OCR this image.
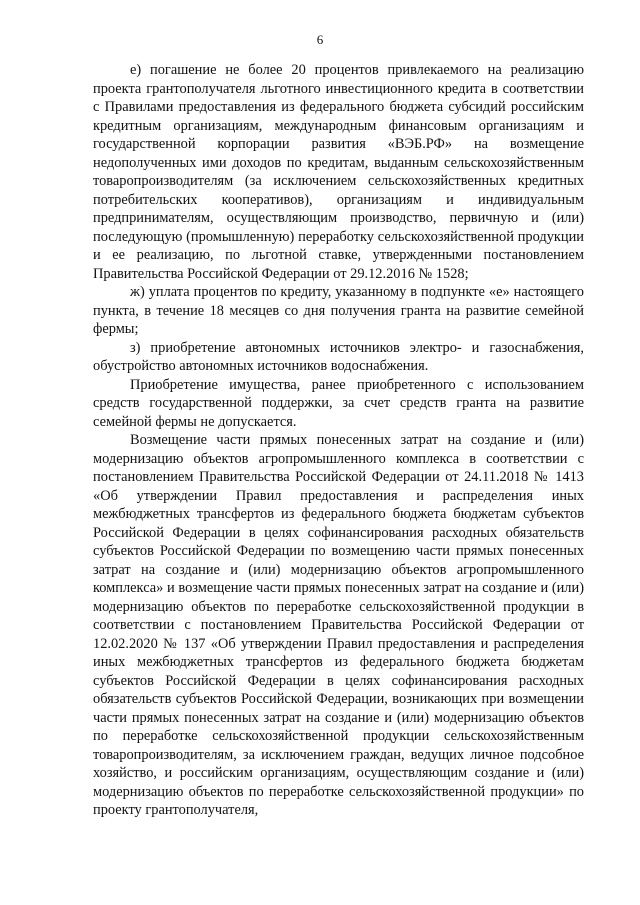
6

е) погашение не более 20 процентов привлекаемого на реализацию проекта грантополучателя льготного инвестиционного кредита в соответствии с Правилами предоставления из федерального бюджета субсидий российским кредитным организациям, международным финансовым организациям и государственной корпорации развития «ВЭБ.РФ» на возмещение недополученных ими доходов по кредитам, выданным сельскохозяйственным товаропроизводителям (за исключением сельскохозяйственных кредитных потребительских кооперативов), организациям и индивидуальным предпринимателям, осуществляющим производство, первичную и (или) последующую (промышленную) переработку сельскохозяйственной продукции и ее реализацию, по льготной ставке, утвержденными постановлением Правительства Российской Федерации от 29.12.2016 № 1528;

ж) уплата процентов по кредиту, указанному в подпункте «е» настоящего пункта, в течение 18 месяцев со дня получения гранта на развитие семейной фермы;

з) приобретение автономных источников электро- и газоснабжения, обустройство автономных источников водоснабжения.

Приобретение имущества, ранее приобретенного с использованием средств государственной поддержки, за счет средств гранта на развитие семейной фермы не допускается.

Возмещение части прямых понесенных затрат на создание и (или) модернизацию объектов агропромышленного комплекса в соответствии с постановлением Правительства Российской Федерации от 24.11.2018 № 1413 «Об утверждении Правил предоставления и распределения иных межбюджетных трансфертов из федерального бюджета бюджетам субъектов Российской Федерации в целях софинансирования расходных обязательств субъектов Российской Федерации по возмещению части прямых понесенных затрат на создание и (или) модернизацию объектов агропромышленного комплекса» и возмещение части прямых понесенных затрат на создание и (или) модернизацию объектов по переработке сельскохозяйственной продукции в соответствии с постановлением Правительства Российской Федерации от 12.02.2020 № 137 «Об утверждении Правил предоставления и распределения иных межбюджетных трансфертов из федерального бюджета бюджетам субъектов Российской Федерации в целях софинансирования расходных обязательств субъектов Российской Федерации, возникающих при возмещении части прямых понесенных затрат на создание и (или) модернизацию объектов по переработке сельскохозяйственной продукции сельскохозяйственным товаропроизводителям, за исключением граждан, ведущих личное подсобное хозяйство, и российским организациям, осуществляющим создание и (или) модернизацию объектов по переработке сельскохозяйственной продукции» по проекту грантополучателя,
